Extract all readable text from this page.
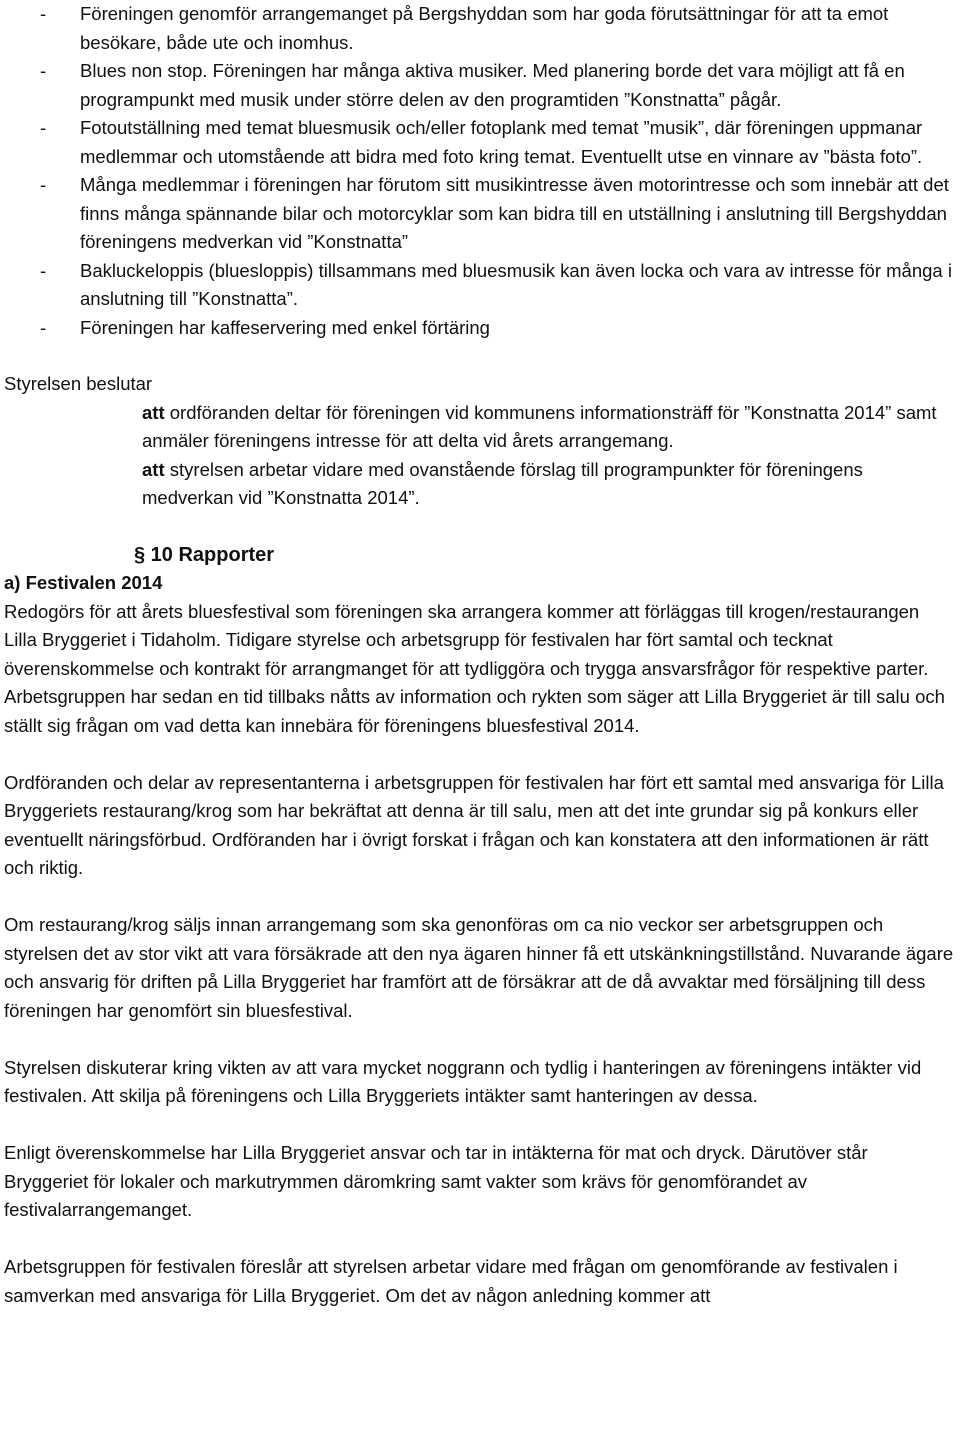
- Föreningen genomför arrangemanget på Bergshyddan som har goda förutsättningar för att ta emot besökare, både ute och inomhus.
- Blues non stop. Föreningen har många aktiva musiker. Med planering borde det vara möjligt att få en programpunkt med musik under större delen av den programtiden ”Konstnatta” pågår.
- Fotoutställning med temat bluesmusik och/eller fotoplank med temat ”musik”, där föreningen uppmanar medlemmar och utomstående att bidra med foto kring temat. Eventuellt utse en vinnare av ”bästa foto”.
- Många medlemmar i föreningen har förutom sitt musikintresse även motorintresse och som innebär att det finns många spännande bilar och motorcyklar som kan bidra till en utställning i anslutning till Bergshyddan föreningens medverkan vid ”Konstnatta”
- Bakluckeloppis (bluesloppis) tillsammans med bluesmusik kan även locka och vara av intresse för många i anslutning till ”Konstnatta”.
- Föreningen har kaffeservering med enkel förtäring
Styrelsen beslutar

att ordföranden deltar för föreningen vid kommunens informationsträff för ”Konstnatta 2014” samt anmäler föreningens intresse för att delta vid årets arrangemang.

att styrelsen arbetar vidare med ovanstående förslag till programpunkter för föreningens medverkan vid ”Konstnatta 2014”.

§ 10 Rapporter

a) Festivalen 2014

Redogörs för att årets bluesfestival som föreningen ska arrangera kommer att förläggas till krogen/restaurangen Lilla Bryggeriet i Tidaholm. Tidigare styrelse och arbetsgrupp för festivalen har fört samtal och tecknat överenskommelse och kontrakt för arrangmanget för att tydliggöra och trygga ansvarsfrågor för respektive parter. Arbetsgruppen har sedan en tid tillbaks nåtts av information och rykten som säger att Lilla Bryggeriet är till salu och ställt sig frågan om vad detta kan innebära för föreningens bluesfestival 2014.

Ordföranden och delar av representanterna i arbetsgruppen för festivalen har fört ett samtal med ansvariga för Lilla Bryggeriets restaurang/krog som har bekräftat att denna är till salu, men att det inte grundar sig på konkurs eller eventuellt näringsförbud. Ordföranden har i övrigt forskat i frågan och kan konstatera att den informationen är rätt och riktig.

Om restaurang/krog säljs innan arrangemang som ska genonföras om ca nio veckor ser arbetsgruppen och styrelsen det av stor vikt att vara försäkrade att den nya ägaren hinner få ett utskänkningstillstånd. Nuvarande ägare och ansvarig för driften på Lilla Bryggeriet har framfört att de försäkrar att de då avvaktar med försäljning till dess föreningen har genomfört sin bluesfestival.

Styrelsen diskuterar kring vikten av att vara mycket noggrann och tydlig i hanteringen av föreningens intäkter vid festivalen. Att skilja på föreningens och Lilla Bryggeriets intäkter samt hanteringen av dessa.

Enligt överenskommelse har Lilla Bryggeriet ansvar och tar in intäkterna för mat och dryck. Därutöver står Bryggeriet för lokaler och markutrymmen däromkring samt vakter som krävs för genomförandet av festivalarrangemanget.

Arbetsgruppen för festivalen föreslår att styrelsen arbetar vidare med frågan om genomförande av festivalen i samverkan med ansvariga för Lilla Bryggeriet. Om det av någon anledning kommer att
